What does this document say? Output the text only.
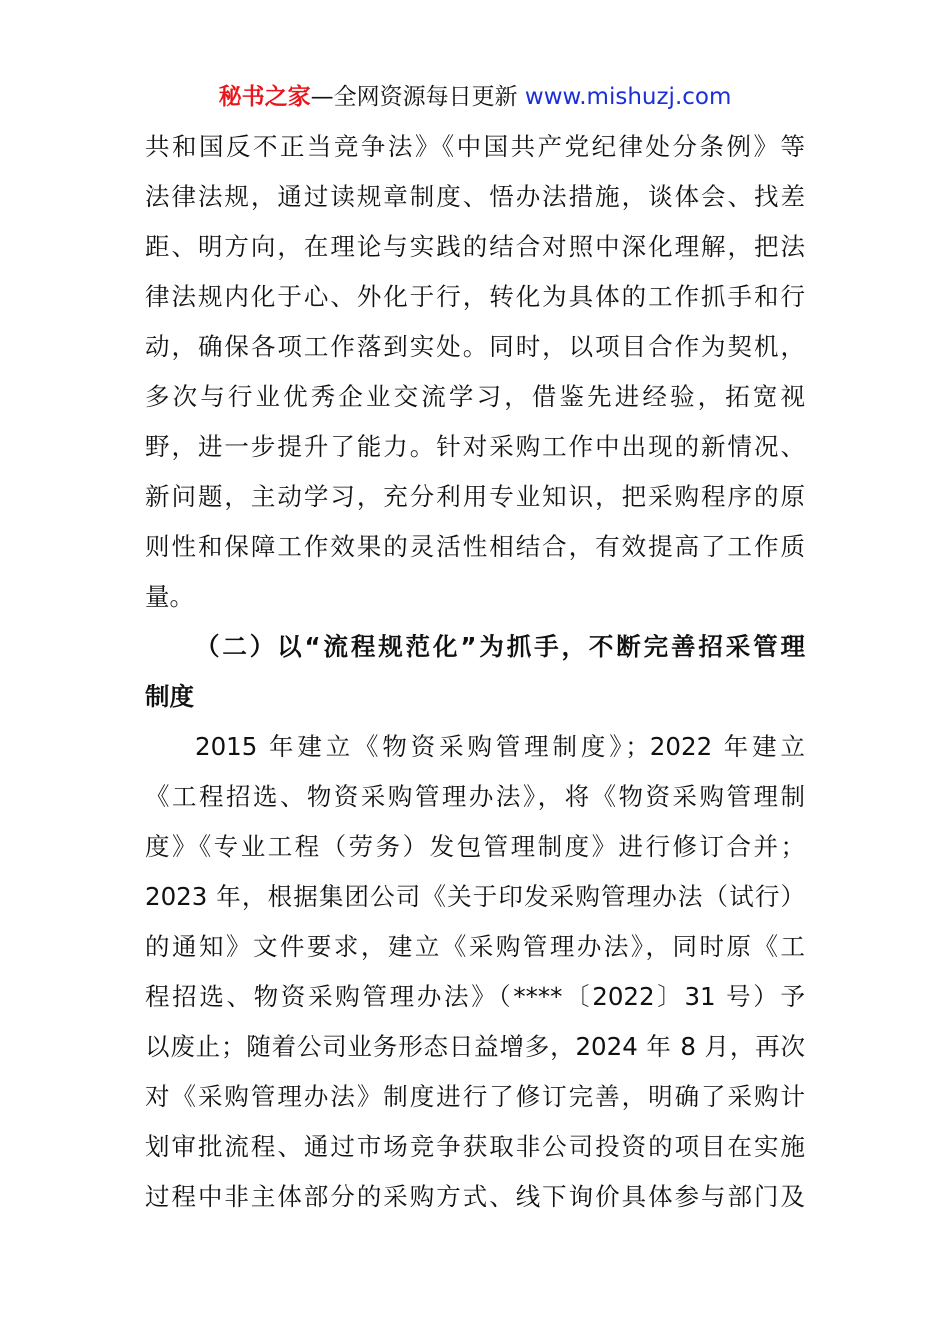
秘书之家—全网资源每日更新 www.mishuzj.com
共和国反不正当竞争法》《中国共产党纪律处分条例》等
法律法规，通过读规章制度、悟办法措施，谈体会、找差
距、明方向，在理论与实践的结合对照中深化理解，把法
律法规内化于心、外化于行，转化为具体的工作抓手和行
动，确保各项工作落到实处。同时，以项目合作为契机，
多次与行业优秀企业交流学习，借鉴先进经验，拓宽视
野，进一步提升了能力。针对采购工作中出现的新情况、
新问题，主动学习，充分利用专业知识，把采购程序的原
则性和保障工作效果的灵活性相结合，有效提高了工作质
量。
（二）以“流程规范化”为抓手，不断完善招采管理
制度
2015 年建立《物资采购管理制度》；2022 年建立
《工程招选、物资采购管理办法》，将《物资采购管理制
度》《专业工程（劳务）发包管理制度》进行修订合并；
2023 年，根据集团公司《关于印发采购管理办法（试行）
的通知》文件要求，建立《采购管理办法》，同时原《工
程招选、物资采购管理办法》（****〔2022〕31 号）予
以废止；随着公司业务形态日益增多，2024 年 8 月，再次
对《采购管理办法》制度进行了修订完善，明确了采购计
划审批流程、通过市场竞争获取非公司投资的项目在实施
过程中非主体部分的采购方式、线下询价具体参与部门及
